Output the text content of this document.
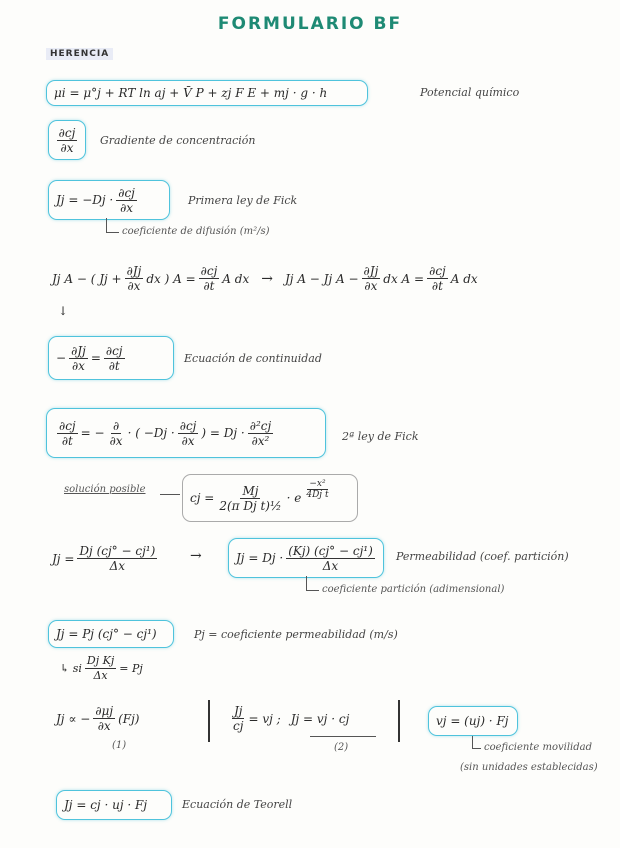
FORMULARIO BF
HERENCIA
μi = μ°j + RT ln aj + V̄ P + zj F E + mj · g · h	Potencial químico
$\frac{\partial cj}{\partial x}$ Gradiente de concentración
$Jj = -Dj \cdot \frac{\partial cj}{\partial x}$	Primera ley de Fick
coeficiente de difusión (m²/s)
Jj A − ( $Jj + \frac{\partial Jj}{\partial x}$ dx ) $A = \frac{\partial cj}{\partial t}$ A dx → Jj A − Jj $A - \frac{\partial Jj}{\partial x}$ dx $A = \frac{\partial cj}{\partial t}$ A dx
↓
− $\frac{\partial Jj}{\partial x} = \frac{\partial cj}{\partial t}$	Ecuación de continuidad
$\frac{\partial cj}{\partial t}$ = − $\frac{\partial}{\partial x}$ · ( $-Dj \cdot \frac{\partial cj}{\partial x}$ ) = $Dj \cdot \frac{\text{∂²cj}}{\text{∂x²}}$	2ª ley de Fick
solución posible
cj = $\frac{Mj}{\text{2(π Dj t)½}} \cdot e \frac{\text{−x²}}{\text{4Dj t}}$
$Jj = \frac{\text{Dj (cj° − cj¹)}}{\Delta x}$ →	$Jj = Dj \cdot \frac{\text{(Kj) (cj° − cj¹)}}{\Delta x}$ Permeabilidad (coef. partición)
coeficiente partición (adimensional)
Jj = Pj (cj° − cj¹)	Pj = coeficiente permeabilidad (m/s)
↳ si $\frac{\text{Dj Kj}}{\Delta x} = Pj$
Jj ∝ − $\frac{\partial\mu j}{\partial x} (Fj)$
(1)
$\frac{Jj}{cj}$ = vj ; Jj = vj · cj
(2)
vj = (uj) · Fj
coeficiente movilidad
(sin unidades establecidas)
Jj = cj · uj · Fj	Ecuación de Teorell
